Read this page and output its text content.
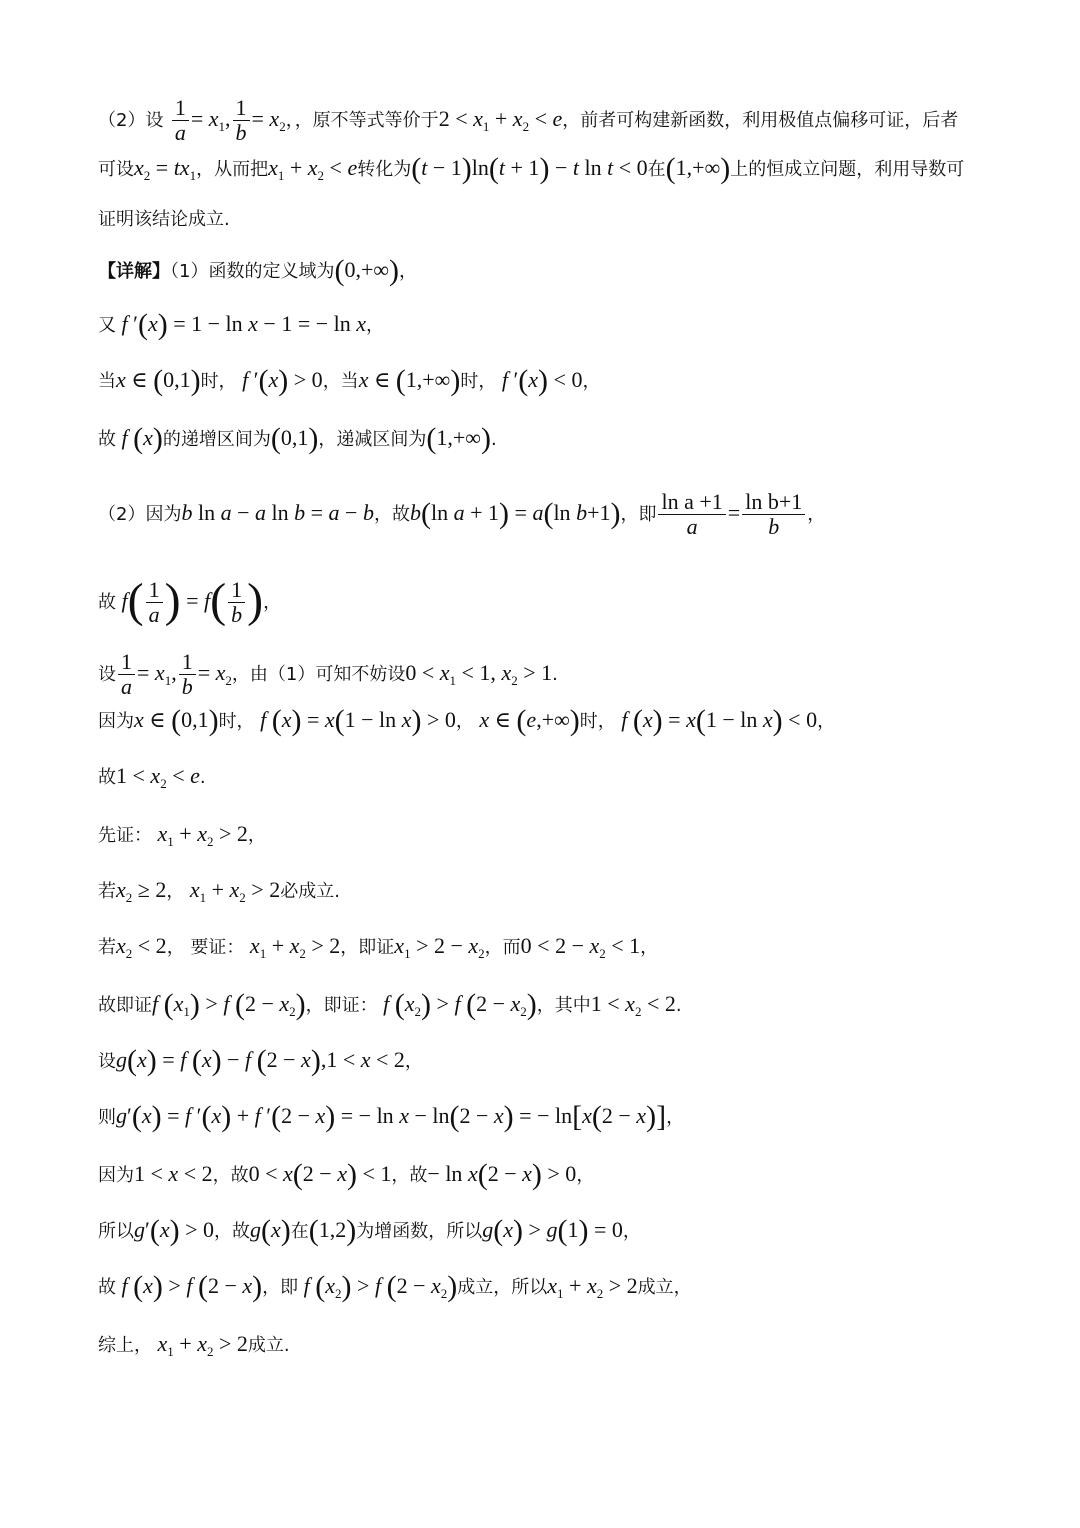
（2）设 $\frac{1}{a} = x_1$, $\frac{1}{b} = x_2$，，原不等式等价于$2 < x_1 + x_2 < e$，前者可构建新函数，利用极值点偏移可证，后者
可设$x_2 = tx_1$，从而把$x_1 + x_2 < e$转化为(t − 1)ln(t + 1) − t ln t < 0在(1,+∞)上的恒成立问题，利用导数可
证明该结论成立.
【详解】（1）函数的定义域为(0,+∞)，
又 f ′(x) = 1 − ln x − 1 = − ln x，
当x ∈ (0,1)时， f ′(x) > 0，当x ∈ (1,+∞)时， f ′(x) < 0，
故 f (x)的递增区间为(0,1)，递减区间为(1,+∞).
（2）因为b ln a − a ln b = a − b，故b(ln a + 1) = a(ln b+1)，即 $\frac{\text{ln a +1}}{a} = \frac{\text{ln b+1}}{b}$ ，
故 $f( \frac{1}{a}$ ) = $f( \frac{1}{b}$ )，
设 $\frac{1}{a} = x_1$, $\frac{1}{b} = x_2$，由（1）可知不妨设$0 < x_1 < 1$, $x_2 > 1$.
因为x ∈ (0,1)时， f (x) = x(1 − ln x) > 0， x ∈ (e,+∞)时， f (x) = x(1 − ln x) < 0，
故$1 < x_2 < e$.
先证： $x_1 + x_2 > 2$，
若$x_2 \ge 2$， $x_1 + x_2 > 2$必成立.
若$x_2 < 2$， 要证： $x_1 + x_2 > 2$，即证$x_1 > 2 - x_2$，而$0 < 2 - x_2 < 1$，
故即证f $(x_1) > f$ $(2 - x_2)$，即证： f $(x_2) > f$ $(2 - x_2)$，其中$1 < x_2 < 2$.
设g(x) = f (x) − f (2 − x),1 < x < 2，
则g′(x) = f ′(x) + f ′(2 − x) = − ln x − ln(2 − x) = − ln[x(2 − x)]，
因为1 < x < 2，故0 < x(2 − x) < 1，故− ln x(2 − x) > 0，
所以g′(x) > 0，故g(x)在(1,2)为增函数，所以g(x) > g(1) = 0，
故 f (x) > f (2 − x)，即 f $(x_2) > f$ $(2 - x_2)$成立，所以$x_1 + x_2 > 2$成立，
综上， $x_1 + x_2 > 2$成立.
